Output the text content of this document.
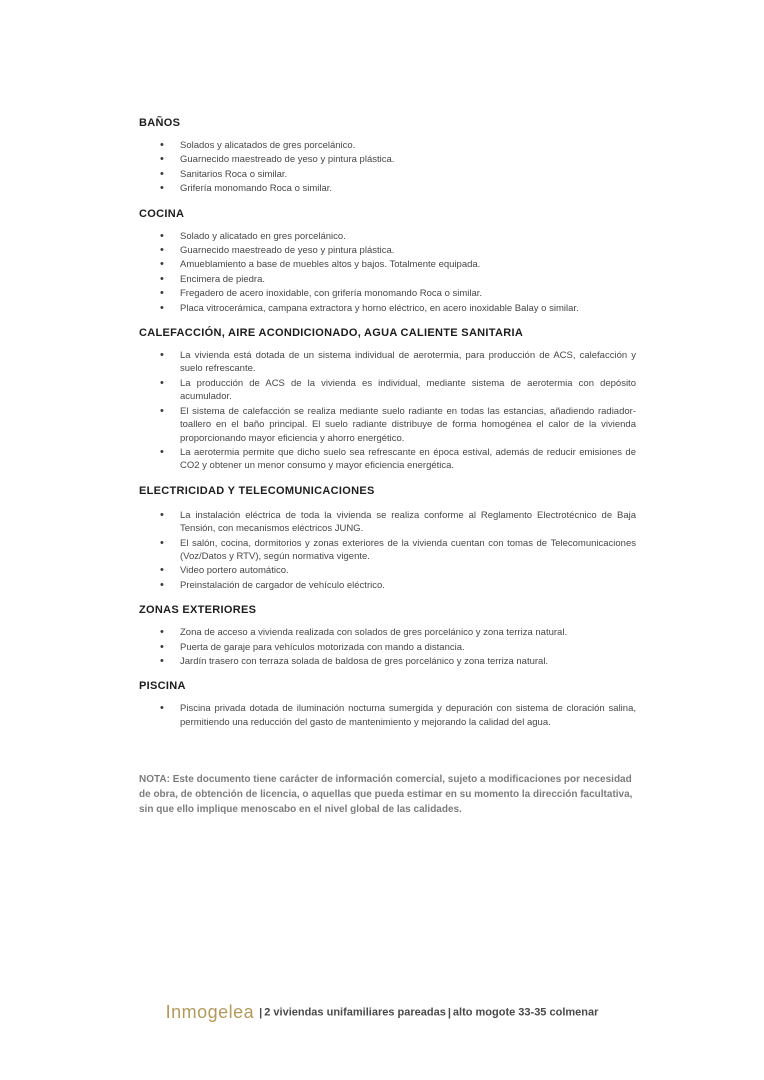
BAÑOS
• Solados y alicatados de gres porcelánico.
• Guarnecido maestreado de yeso y pintura plástica.
• Sanitarios Roca o similar.
• Grifería monomando Roca o similar.
COCINA
• Solado y alicatado en gres porcelánico.
• Guarnecido maestreado de yeso y pintura plástica.
• Amueblamiento a base de muebles altos y bajos. Totalmente equipada.
• Encimera de piedra.
• Fregadero de acero inoxidable, con grifería monomando Roca o similar.
• Placa vitrocerámica, campana extractora y horno eléctrico, en acero inoxidable Balay o similar.
CALEFACCIÓN, AIRE ACONDICIONADO, AGUA CALIENTE SANITARIA
• La vivienda está dotada de un sistema individual de aerotermia, para producción de ACS, calefacción y suelo refrescante.
• La producción de ACS de la vivienda es individual, mediante sistema de aerotermia con depósito acumulador.
• El sistema de calefacción se realiza mediante suelo radiante en todas las estancias, añadiendo radiador-toallero en el baño principal. El suelo radiante distribuye de forma homogénea el calor de la vivienda proporcionando mayor eficiencia y ahorro energético.
• La aerotermia permite que dicho suelo sea refrescante en época estival, además de reducir emisiones de CO2 y obtener un menor consumo y mayor eficiencia energética.
ELECTRICIDAD Y TELECOMUNICACIONES
• La instalación eléctrica de toda la vivienda se realiza conforme al Reglamento Electrotécnico de Baja Tensión, con mecanismos eléctricos JUNG.
• El salón, cocina, dormitorios y zonas exteriores de la vivienda cuentan con tomas de Telecomunicaciones (Voz/Datos y RTV), según normativa vigente.
• Video portero automático.
• Preinstalación de cargador de vehículo eléctrico.
ZONAS EXTERIORES
• Zona de acceso a vivienda realizada con solados de gres porcelánico y zona terriza natural.
• Puerta de garaje para vehículos motorizada con mando a distancia.
• Jardín trasero con terraza solada de baldosa de gres porcelánico y zona terriza natural.
PISCINA
• Piscina privada dotada de iluminación nocturna sumergida y depuración con sistema de cloración salina, permitiendo una reducción del gasto de mantenimiento y mejorando la calidad del agua.

NOTA: Este documento tiene carácter de información comercial, sujeto a modificaciones por necesidad de obra, de obtención de licencia, o aquellas que pueda estimar en su momento la dirección facultativa, sin que ello implique menoscabo en el nivel global de las calidades.

Inmogelea | 2 viviendas unifamiliares pareadas | alto mogote 33-35 colmenar
